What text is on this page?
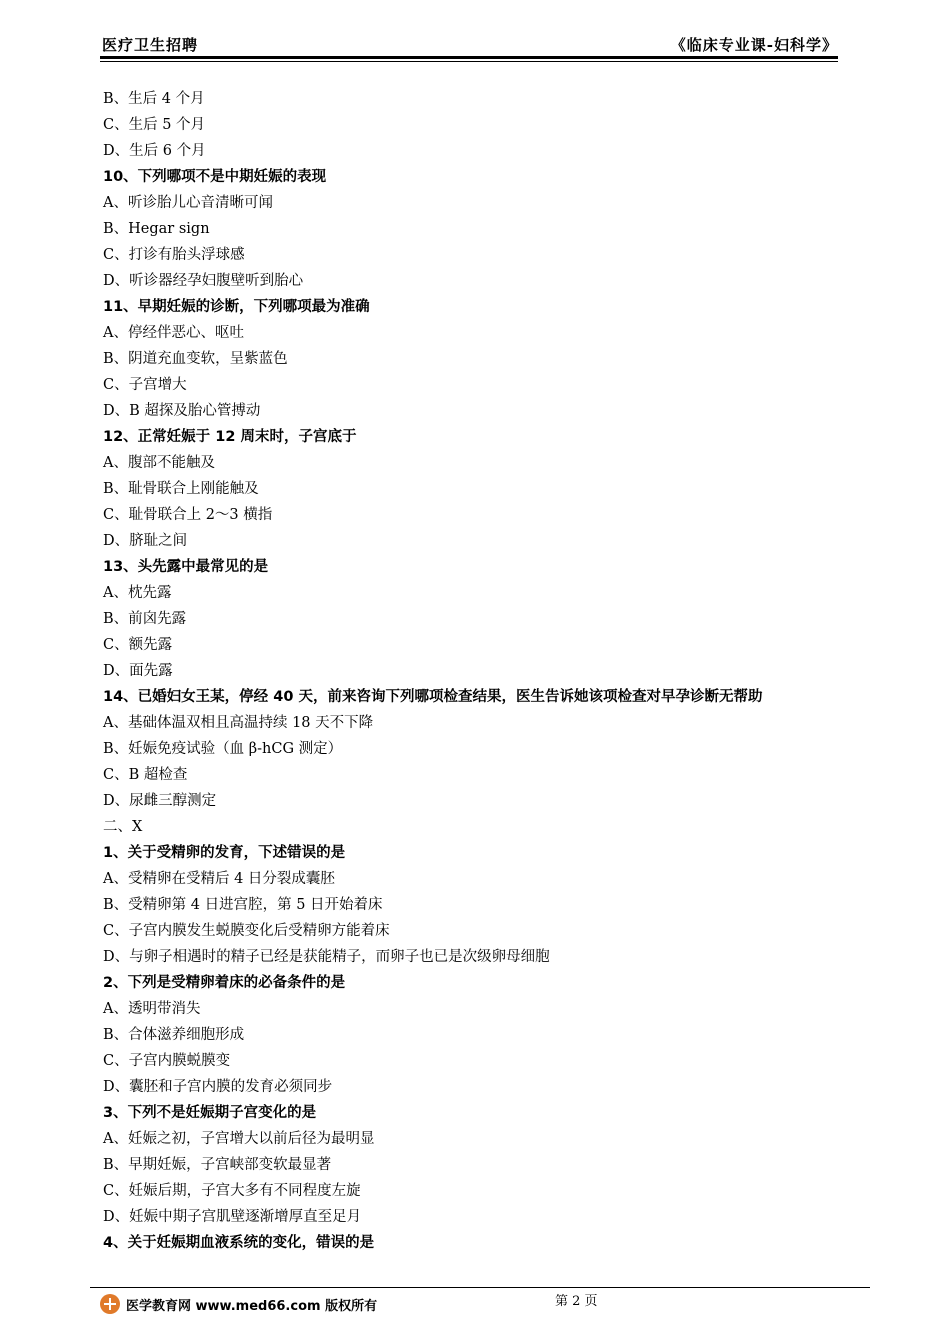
医疗卫生招聘	《临床专业课-妇科学》
B、生后 4 个月
C、生后 5 个月
D、生后 6 个月
10、下列哪项不是中期妊娠的表现
A、听诊胎儿心音清晰可闻
B、Hegar sign
C、打诊有胎头浮球感
D、听诊器经孕妇腹壁听到胎心
11、早期妊娠的诊断，下列哪项最为准确
A、停经伴恶心、呕吐
B、阴道充血变软，呈紫蓝色
C、子宫增大
D、B 超探及胎心管搏动
12、正常妊娠于 12 周末时，子宫底于
A、腹部不能触及
B、耻骨联合上刚能触及
C、耻骨联合上 2～3 横指
D、脐耻之间
13、头先露中最常见的是
A、枕先露
B、前囟先露
C、额先露
D、面先露
14、已婚妇女王某，停经 40 天，前来咨询下列哪项检查结果，医生告诉她该项检查对早孕诊断无帮助
A、基础体温双相且高温持续 18 天不下降
B、妊娠免疫试验（血 β-hCG 测定）
C、B 超检查
D、尿雌三醇测定
二、X
1、关于受精卵的发育，下述错误的是
A、受精卵在受精后 4 日分裂成囊胚
B、受精卵第 4 日进宫腔，第 5 日开始着床
C、子宫内膜发生蜕膜变化后受精卵方能着床
D、与卵子相遇时的精子已经是获能精子，而卵子也已是次级卵母细胞
2、下列是受精卵着床的必备条件的是
A、透明带消失
B、合体滋养细胞形成
C、子宫内膜蜕膜变
D、囊胚和子宫内膜的发育必须同步
3、下列不是妊娠期子宫变化的是
A、妊娠之初，子宫增大以前后径为最明显
B、早期妊娠，子宫峡部变软最显著
C、妊娠后期，子宫大多有不同程度左旋
D、妊娠中期子宫肌壁逐渐增厚直至足月
4、关于妊娠期血液系统的变化，错误的是
第 2 页
医学教育网 www.med66.com 版权所有
